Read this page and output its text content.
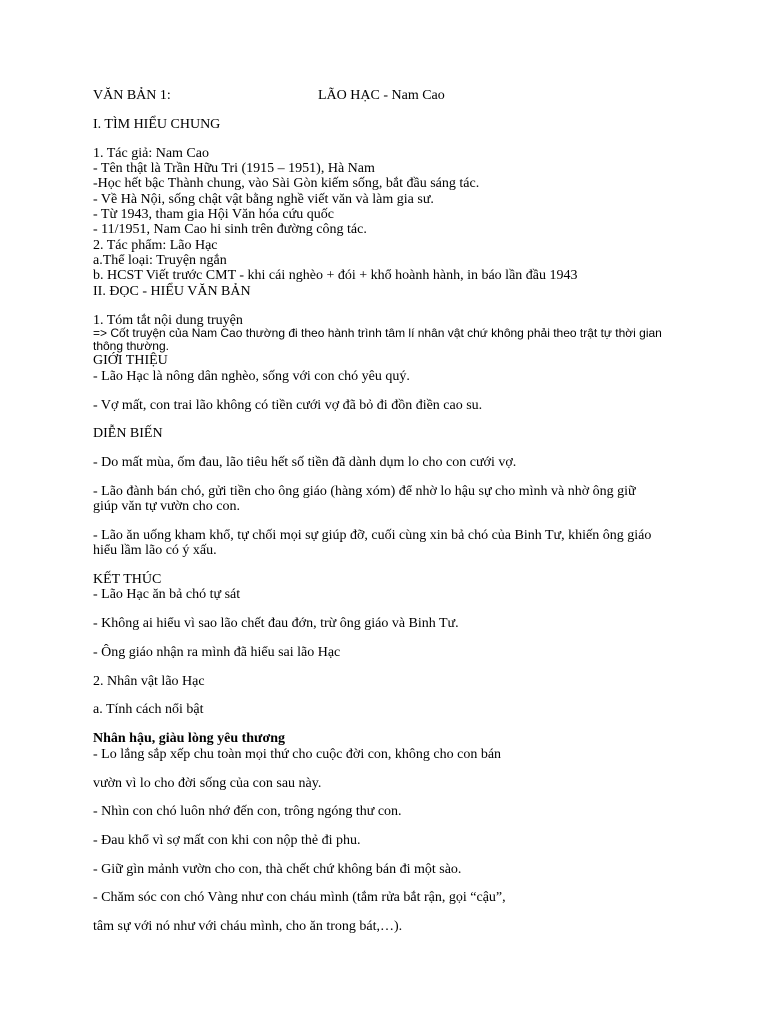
VĂN BẢN 1:	LÃO HẠC - Nam Cao
I. TÌM HIỂU CHUNG
1. Tác giả: Nam Cao
- Tên thật là Trần Hữu Tri (1915 – 1951), Hà Nam
-Học hết bậc Thành chung, vào Sài Gòn kiếm sống, bắt đầu sáng tác.
- Về Hà Nội, sống chật vật bằng nghề viết văn và làm gia sư.
- Từ 1943, tham gia Hội Văn hóa cứu quốc
- 11/1951, Nam Cao hi sinh trên đường công tác.
2. Tác phẩm: Lão Hạc
a.Thể loại: Truyện ngắn
b. HCST Viết trước CMT - khi cái nghèo + đói + khổ hoành hành, in báo lần đầu 1943
II. ĐỌC - HIỂU VĂN BẢN
1. Tóm tắt nội dung truyện
=> Cốt truyện của Nam Cao thường đi theo hành trình tâm lí nhân vật chứ không phải theo trật tự thời gian
thông thường.
GIỚI THIỆU
- Lão Hạc là nông dân nghèo, sống với con chó yêu quý.
- Vợ mất, con trai lão không có tiền cưới vợ đã bỏ đi đồn điền cao su.
DIỄN BIẾN
- Do mất mùa, ốm đau, lão tiêu hết số tiền đã dành dụm lo cho con cưới vợ.
- Lão đành bán chó, gửi tiền cho ông giáo (hàng xóm) để nhờ lo hậu sự cho mình và nhờ ông giữ
giúp văn tự vườn cho con.
- Lão ăn uống kham khổ, tự chối mọi sự giúp đỡ, cuối cùng xin bả chó của Binh Tư, khiến ông giáo
hiểu lầm lão có ý xấu.
KẾT THÚC
- Lão Hạc ăn bả chó tự sát
- Không ai hiểu vì sao lão chết đau đớn, trừ ông giáo và Binh Tư.
- Ông giáo nhận ra mình đã hiểu sai lão Hạc
2. Nhân vật lão Hạc
a. Tính cách nổi bật
Nhân hậu, giàu lòng yêu thương
- Lo lắng sắp xếp chu toàn mọi thứ cho cuộc đời con, không cho con bán
vườn vì lo cho đời sống của con sau này.
- Nhìn con chó luôn nhớ đến con, trông ngóng thư con.
- Đau khổ vì sợ mất con khi con nộp thẻ đi phu.
- Giữ gìn mảnh vườn cho con, thà chết chứ không bán đi một sào.
- Chăm sóc con chó Vàng như con cháu mình (tắm rửa bắt rận, gọi “cậu”,
tâm sự với nó như với cháu mình, cho ăn trong bát,…).
